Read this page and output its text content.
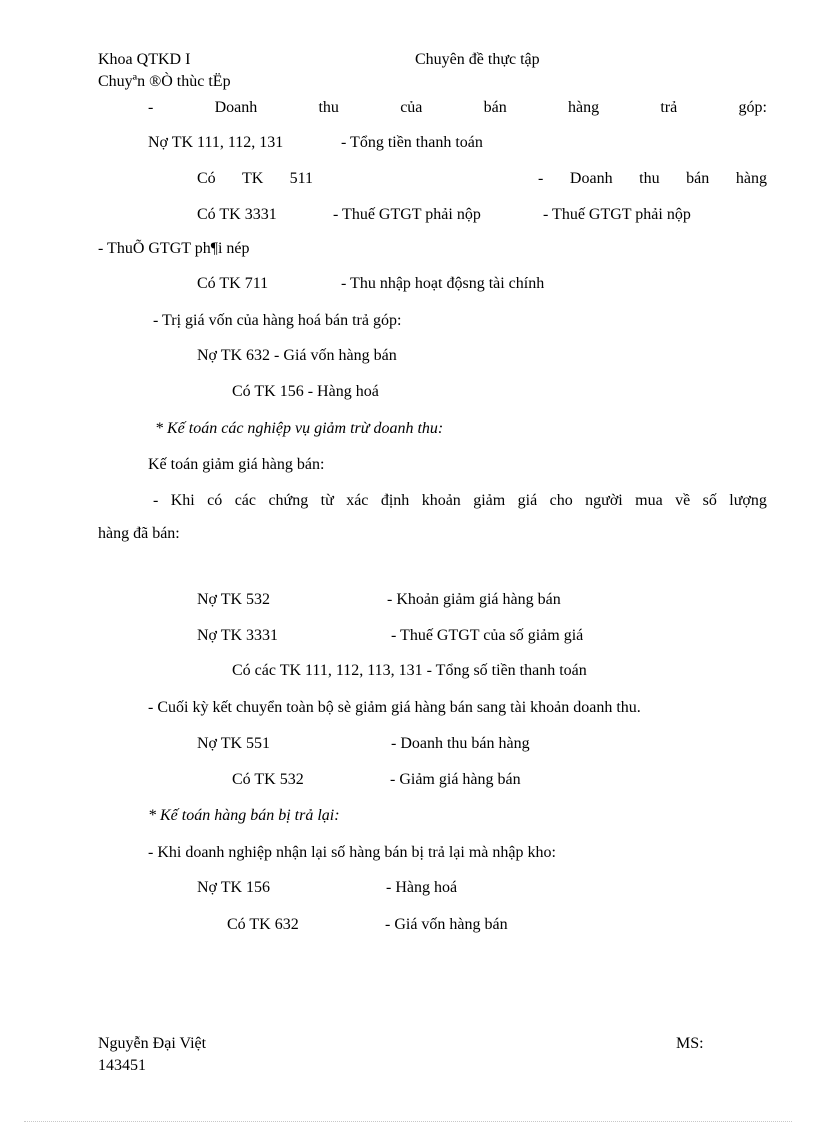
Khoa QTKD I	Chuyên đề thực tập
Chuyªn ®Ò thùc tËp
-	Doanh	thu	của	bán	hàng	trả	góp:
Nợ TK 111, 112, 131	- Tổng tiền thanh toán
Có TK 511	- Doanh thu bán hàng
Có TK 3331	- Thuế GTGT phải nộp	- Thuế GTGT phải nộp
- ThuÕ GTGT ph¶i nép
Có TK 711	- Thu nhập hoạt độsng tài chính
- Trị giá vốn của hàng hoá bán trả góp:
Nợ TK 632 - Giá vốn hàng bán
Có TK 156 - Hàng hoá
* Kế toán các nghiệp vụ giảm trừ doanh thu:
Kế toán giảm giá hàng bán:
- Khi có các chứng từ xác định khoản giảm giá cho người mua về số lượng
hàng đã bán:
Nợ TK 532	- Khoản giảm giá hàng bán
Nợ TK 3331	- Thuế GTGT của số giảm giá
Có các TK 111, 112, 113, 131 - Tổng số tiền thanh toán
- Cuối kỳ kết chuyển toàn bộ sè giảm giá hàng bán sang tài khoản doanh thu.
Nợ TK 551	- Doanh thu bán hàng
Có TK 532	- Giảm giá hàng bán
* Kế toán hàng bán bị trả lại:
- Khi doanh nghiệp nhận lại số hàng bán bị trả lại mà nhập kho:
Nợ TK 156	- Hàng hoá
Có TK 632	- Giá vốn hàng bán
Nguyễn Đại Việt	MS:
143451
